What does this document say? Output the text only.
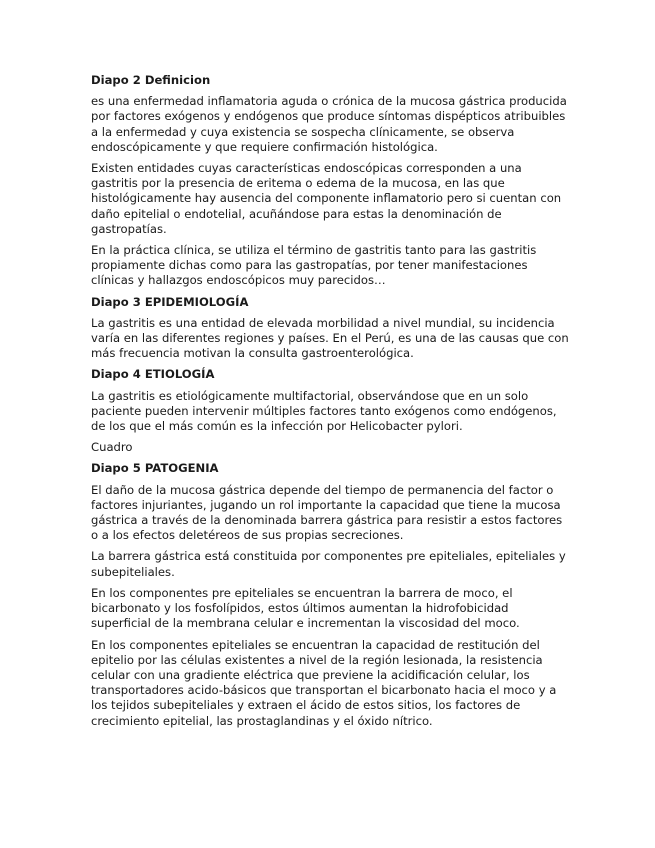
Diapo 2 Definicion

es una enfermedad inflamatoria aguda o crónica de la mucosa gástrica producida por factores exógenos y endógenos que produce síntomas dispépticos atribuibles a la enfermedad y cuya existencia se sospecha clínicamente, se observa endoscópicamente y que requiere confirmación histológica.

Existen entidades cuyas características endoscópicas corresponden a una gastritis por la presencia de eritema o edema de la mucosa, en las que histológicamente hay ausencia del componente inflamatorio pero si cuentan con daño epitelial o endotelial, acuñándose para estas la denominación de gastropatías.

En la práctica clínica, se utiliza el término de gastritis tanto para las gastritis propiamente dichas como para las gastropatías, por tener manifestaciones clínicas y hallazgos endoscópicos muy parecidos…

Diapo 3 EPIDEMIOLOGÍA

La gastritis es una entidad de elevada morbilidad a nivel mundial, su incidencia varía en las diferentes regiones y países. En el Perú, es una de las causas que con más frecuencia motivan la consulta gastroenterológica.

Diapo 4 ETIOLOGÍA

La gastritis es etiológicamente multifactorial, observándose que en un solo paciente pueden intervenir múltiples factores tanto exógenos como endógenos, de los que el más común es la infección por Helicobacter pylori.

Cuadro

Diapo 5 PATOGENIA

El daño de la mucosa gástrica depende del tiempo de permanencia del factor o factores injuriantes, jugando un rol importante la capacidad que tiene la mucosa gástrica a través de la denominada barrera gástrica para resistir a estos factores o a los efectos deletéreos de sus propias secreciones.

La barrera gástrica está constituida por componentes pre epiteliales, epiteliales y subepiteliales.

En los componentes pre epiteliales se encuentran la barrera de moco, el bicarbonato y los fosfolípidos, estos últimos aumentan la hidrofobicidad superficial de la membrana celular e incrementan la viscosidad del moco.

En los componentes epiteliales se encuentran la capacidad de restitución del epitelio por las células existentes a nivel de la región lesionada, la resistencia celular con una gradiente eléctrica que previene la acidificación celular, los transportadores acido-básicos que transportan el bicarbonato hacia el moco y a los tejidos subepiteliales y extraen el ácido de estos sitios, los factores de crecimiento epitelial, las prostaglandinas y el óxido nítrico.
